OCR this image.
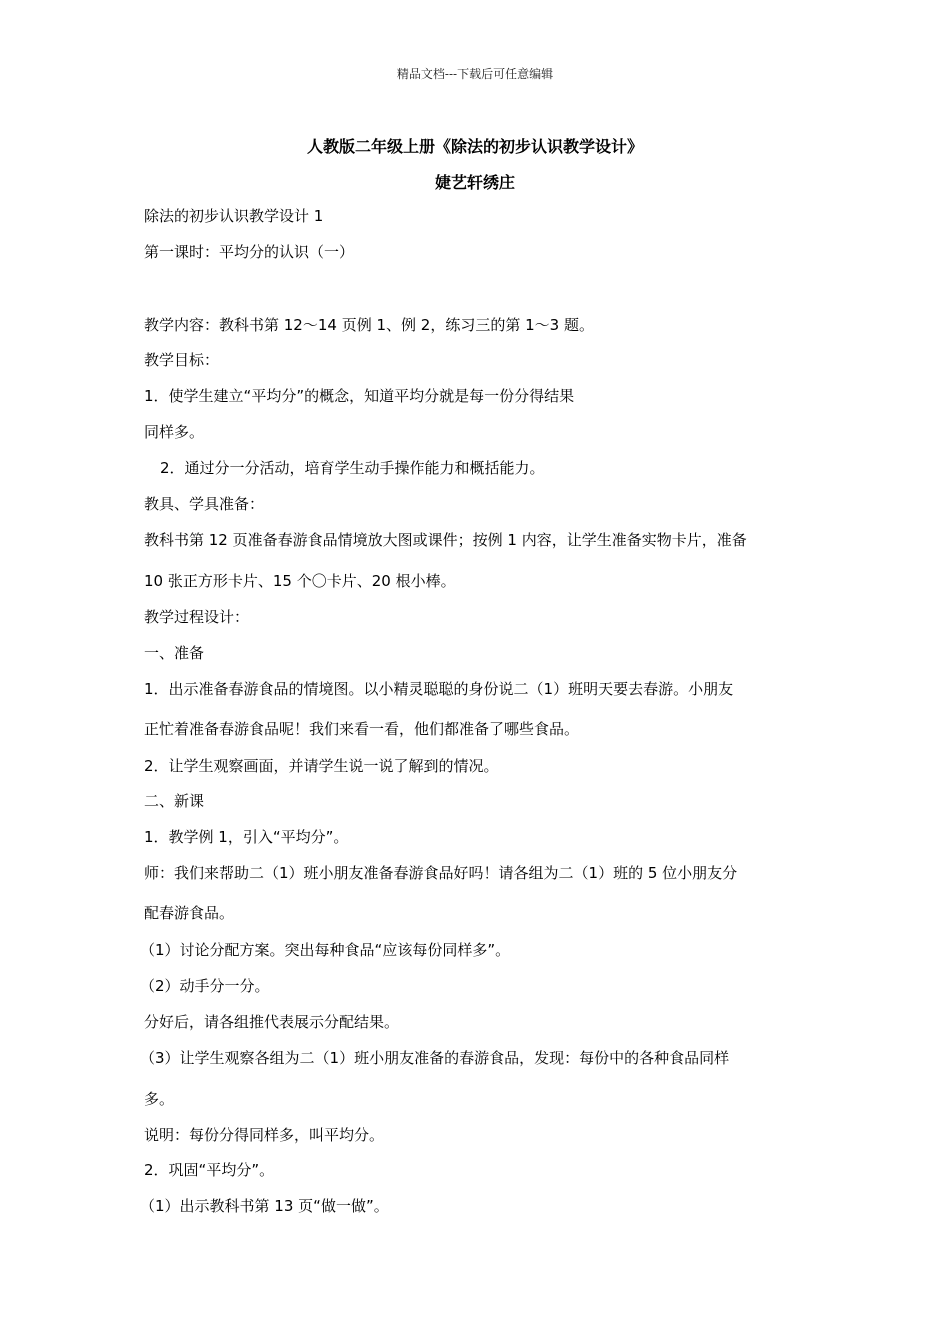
精品文档---下载后可任意编辑
人教版二年级上册《除法的初步认识教学设计》
婕艺轩绣庄
除法的初步认识教学设计 1
第一课时：平均分的认识（一）
教学内容：教科书第 12～14 页例 1、例 2，练习三的第 1～3 题。
教学目标：
1．使学生建立“平均分”的概念，知道平均分就是每一份分得结果
同样多。
2．通过分一分活动，培育学生动手操作能力和概括能力。
教具、学具准备：
教科书第 12 页准备春游食品情境放大图或课件；按例 1 内容，让学生准备实物卡片，准备
10 张正方形卡片、15 个〇卡片、20 根小棒。
教学过程设计：
一、准备
1．出示准备春游食品的情境图。以小精灵聪聪的身份说二（1）班明天要去春游。小朋友
正忙着准备春游食品呢！我们来看一看，他们都准备了哪些食品。
2．让学生观察画面，并请学生说一说了解到的情况。
二、新课
1．教学例 1，引入“平均分”。
师：我们来帮助二（1）班小朋友准备春游食品好吗！请各组为二（1）班的 5 位小朋友分
配春游食品。
（1）讨论分配方案。突出每种食品“应该每份同样多”。
（2）动手分一分。
分好后，请各组推代表展示分配结果。
（3）让学生观察各组为二（1）班小朋友准备的春游食品，发现：每份中的各种食品同样
多。
说明：每份分得同样多，叫平均分。
2．巩固“平均分”。
（1）出示教科书第 13 页“做一做”。
